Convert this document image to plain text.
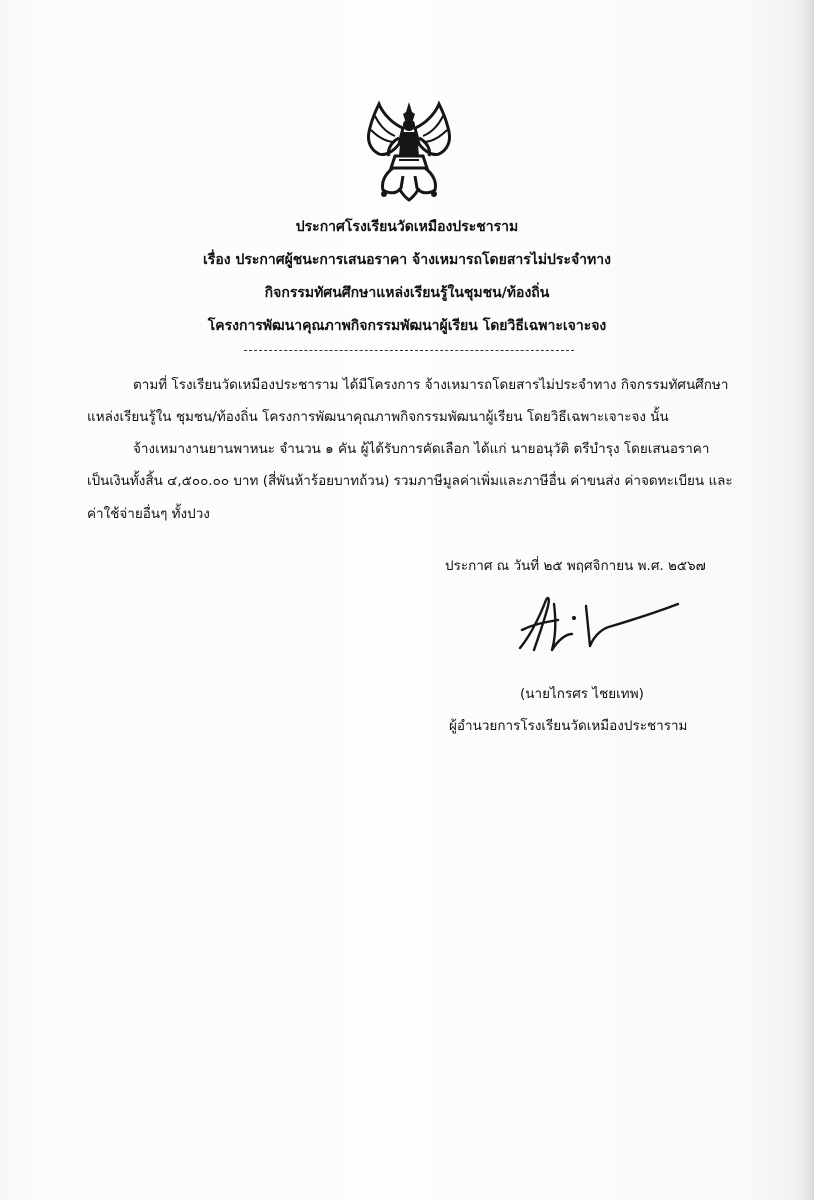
ประกาศโรงเรียนวัดเหมืองประชาราม
เรื่อง ประกาศผู้ชนะการเสนอราคา จ้างเหมารถโดยสารไม่ประจำทาง
กิจกรรมทัศนศึกษาแหล่งเรียนรู้ในชุมชน/ท้องถิ่น
โครงการพัฒนาคุณภาพกิจกรรมพัฒนาผู้เรียน โดยวิธีเฉพาะเจาะจง
ตามที่ โรงเรียนวัดเหมืองประชาราม ได้มีโครงการ จ้างเหมารถโดยสารไม่ประจำทาง กิจกรรมทัศนศึกษา
แหล่งเรียนรู้ใน ชุมชน/ท้องถิ่น โครงการพัฒนาคุณภาพกิจกรรมพัฒนาผู้เรียน โดยวิธีเฉพาะเจาะจง นั้น
จ้างเหมางานยานพาหนะ จำนวน ๑ คัน ผู้ได้รับการคัดเลือก ได้แก่ นายอนุวัติ ตรีบำรุง โดยเสนอราคา
เป็นเงินทั้งสิ้น ๔,๕๐๐.๐๐ บาท (สี่พันห้าร้อยบาทถ้วน) รวมภาษีมูลค่าเพิ่มและภาษีอื่น ค่าขนส่ง ค่าจดทะเบียน และ
ค่าใช้จ่ายอื่นๆ ทั้งปวง
ประกาศ ณ วันที่ ๒๕ พฤศจิกายน พ.ศ. ๒๕๖๗
(นายไกรศร ไชยเทพ)
ผู้อำนวยการโรงเรียนวัดเหมืองประชาราม
